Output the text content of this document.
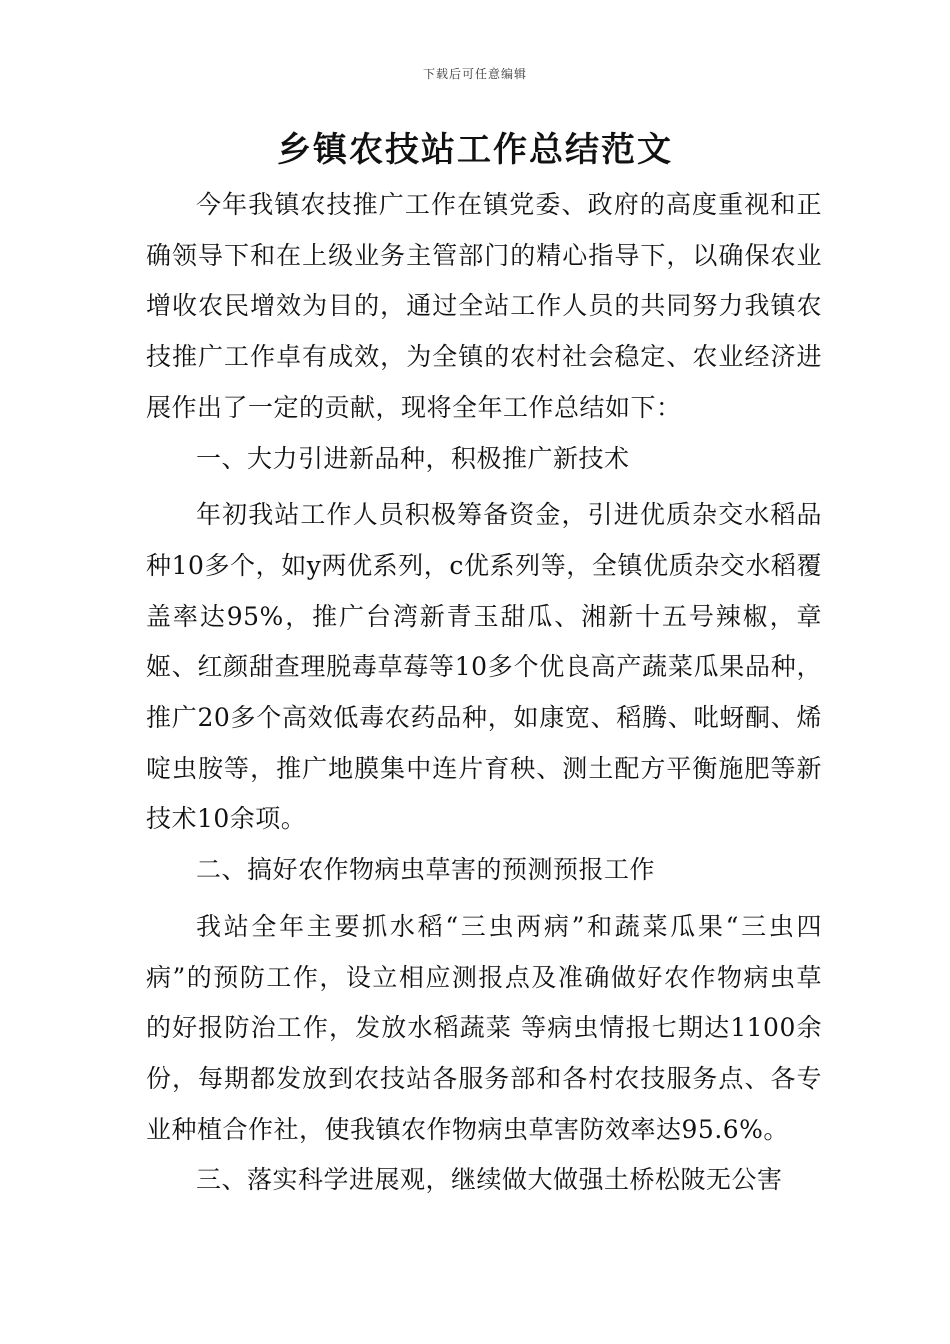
下载后可任意编辑
乡镇农技站工作总结范文

今年我镇农技推广工作在镇党委、政府的高度重视和正确领导下和在上级业务主管部门的精心指导下，以确保农业增收农民增效为目的，通过全站工作人员的共同努力我镇农技推广工作卓有成效，为全镇的农村社会稳定、农业经济进展作出了一定的贡献，现将全年工作总结如下：

一、大力引进新品种，积极推广新技术

年初我站工作人员积极筹备资金，引进优质杂交水稻品种10多个，如y两优系列，c优系列等，全镇优质杂交水稻覆盖率达95%，推广台湾新青玉甜瓜、湘新十五号辣椒，章姬、红颜甜查理脱毒草莓等10多个优良高产蔬菜瓜果品种，推广20多个高效低毒农药品种，如康宽、稻腾、吡蚜酮、烯啶虫胺等，推广地膜集中连片育秧、测土配方平衡施肥等新技术10余项。

二、搞好农作物病虫草害的预测预报工作

我站全年主要抓水稻“三虫两病”和蔬菜瓜果“三虫四病”的预防工作，设立相应测报点及准确做好农作物病虫草的好报防治工作，发放水稻蔬菜 等病虫情报七期达1100余份，每期都发放到农技站各服务部和各村农技服务点、各专业种植合作社，使我镇农作物病虫草害防效率达95.6%。

三、落实科学进展观，继续做大做强土桥松陂无公害
